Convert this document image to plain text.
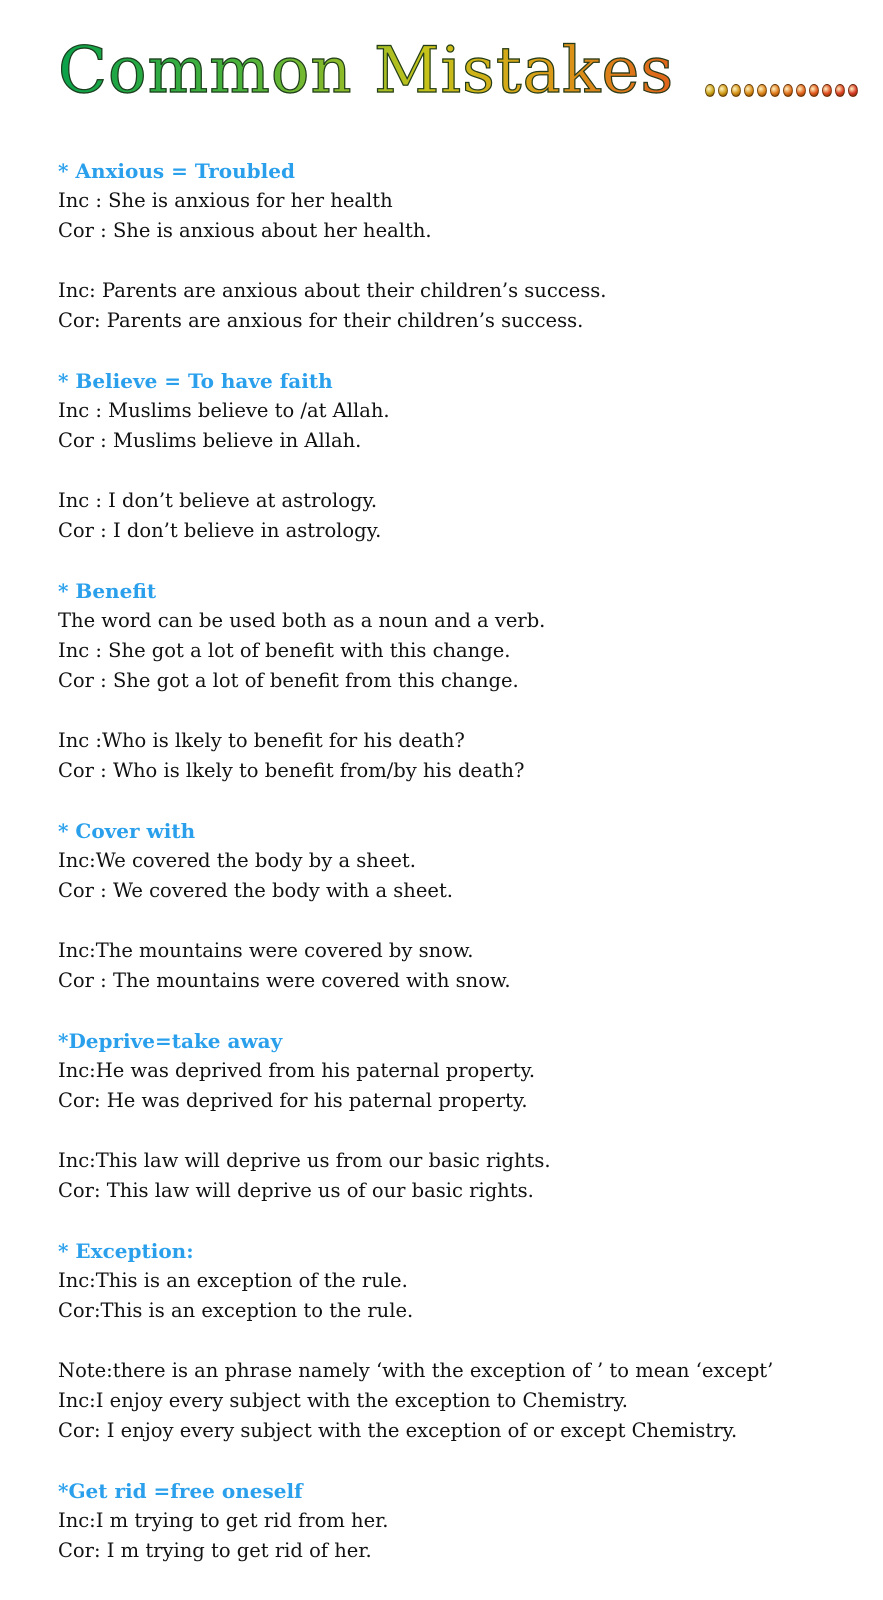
Common Mistakes
* Anxious = Troubled
Inc : She is anxious for her health
Cor : She is anxious about her health.
Inc: Parents are anxious about their children’s success.
Cor: Parents are anxious for their children’s success.
* Believe = To have faith
Inc : Muslims believe to /at Allah.
Cor : Muslims believe in Allah.
Inc : I don’t believe at astrology.
Cor : I don’t believe in astrology.
* Benefit
The word can be used both as a noun and a verb.
Inc : She got a lot of benefit with this change.
Cor : She got a lot of benefit from this change.
Inc :Who is lkely to benefit for his death?
Cor : Who is lkely to benefit from/by his death?
* Cover with
Inc:We covered the body by a sheet.
Cor : We covered the body with a sheet.
Inc:The mountains were covered by snow.
Cor : The mountains were covered with snow.
*Deprive=take away
Inc:He was deprived from his paternal property.
Cor: He was deprived for his paternal property.
Inc:This law will deprive us from our basic rights.
Cor: This law will deprive us of our basic rights.
* Exception:
Inc:This is an exception of the rule.
Cor:This is an exception to the rule.
Note:there is an phrase namely ‘with the exception of ’ to mean ‘except’
Inc:I enjoy every subject with the exception to Chemistry.
Cor: I enjoy every subject with the exception of or except Chemistry.
*Get rid =free oneself
Inc:I m trying to get rid from her.
Cor: I m trying to get rid of her.
